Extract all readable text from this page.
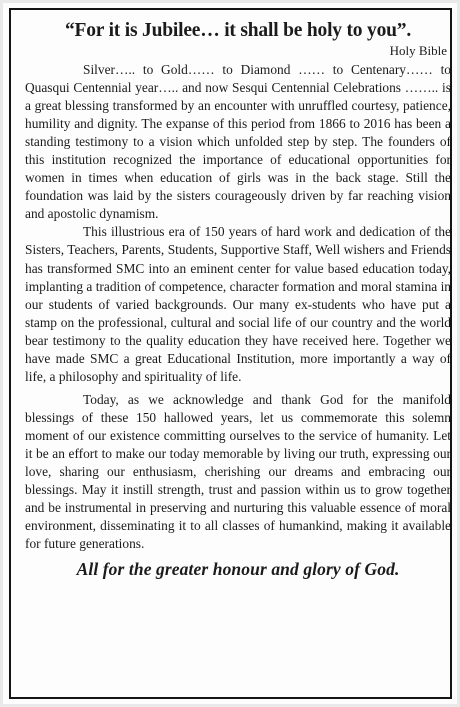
“For it is Jubilee… it shall be holy to you”.
Holy Bible

Silver….. to Gold…… to Diamond …… to Centenary…… to Quasqui Centennial year….. and now Sesqui Centennial Celebrations …….. is a great blessing transformed by an encounter with unruffled courtesy, patience, humility and dignity. The expanse of this period from 1866 to 2016 has been a standing testimony to a vision which unfolded step by step. The founders of this institution recognized the importance of educational opportunities for women in times when education of girls was in the back stage. Still the foundation was laid by the sisters courageously driven by far reaching vision and apostolic dynamism.

This illustrious era of 150 years of hard work and dedication of the Sisters, Teachers, Parents, Students, Supportive Staff, Well wishers and Friends has transformed SMC into an eminent center for value based education today, implanting a tradition of competence, character formation and moral stamina in our students of varied backgrounds. Our many ex-students who have put a stamp on the professional, cultural and social life of our country and the world bear testimony to the quality education they have received here. Together we have made SMC a great Educational Institution, more importantly a way of life, a philosophy and spirituality of life.

Today, as we acknowledge and thank God for the manifold blessings of these 150 hallowed years, let us commemorate this solemn moment of our existence committing ourselves to the service of humanity. Let it be an effort to make our today memorable by living our truth, expressing our love, sharing our enthusiasm, cherishing our dreams and embracing our blessings. May it instill strength, trust and passion within us to grow together and be instrumental in preserving and nurturing this valuable essence of moral environment, disseminating it to all classes of humankind, making it available for future generations.

All for the greater honour and glory of God.
